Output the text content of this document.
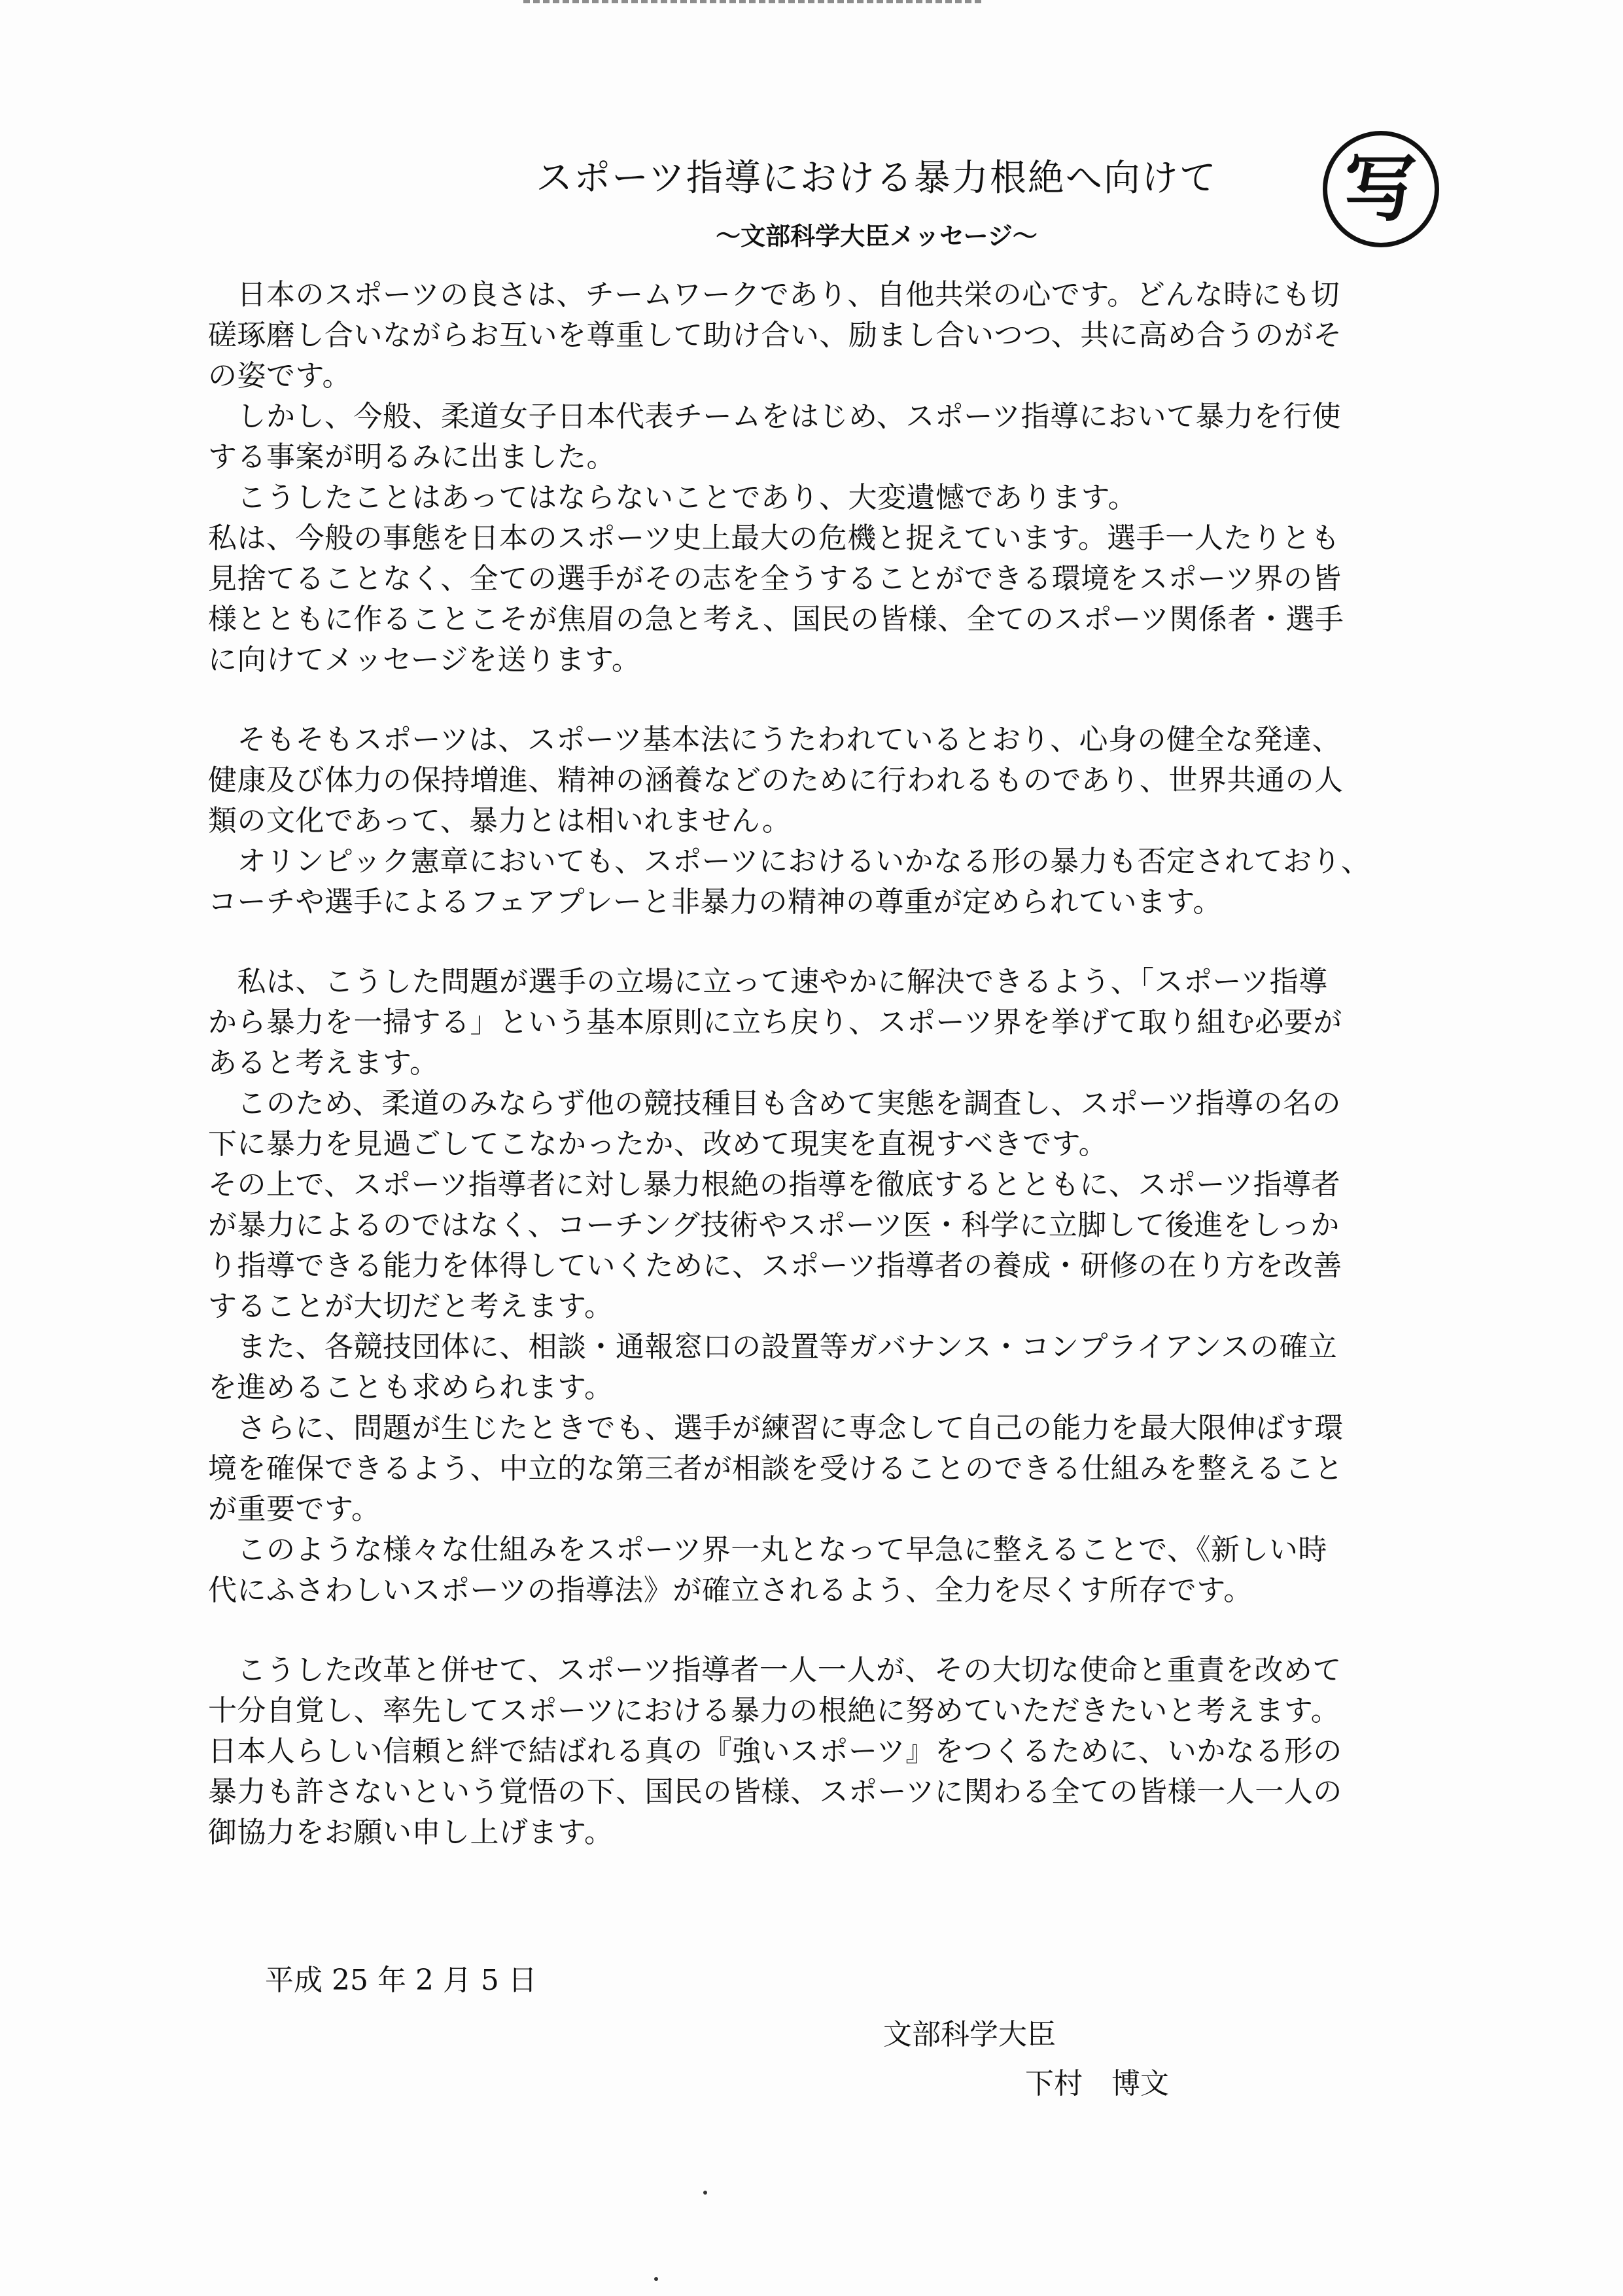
スポーツ指導における暴力根絶へ向けて
〜文部科学大臣メッセージ〜
写
　日本のスポーツの良さは、チームワークであり、自他共栄の心です。どんな時にも切
磋琢磨し合いながらお互いを尊重して助け合い、励まし合いつつ、共に高め合うのがそ
の姿です。
　しかし、今般、柔道女子日本代表チームをはじめ、スポーツ指導において暴力を行使
する事案が明るみに出ました。
　こうしたことはあってはならないことであり、大変遺憾であります。
私は、今般の事態を日本のスポーツ史上最大の危機と捉えています。選手一人たりとも
見捨てることなく、全ての選手がその志を全うすることができる環境をスポーツ界の皆
様とともに作ることこそが焦眉の急と考え、国民の皆様、全てのスポーツ関係者・選手
に向けてメッセージを送ります。
　そもそもスポーツは、スポーツ基本法にうたわれているとおり、心身の健全な発達、
健康及び体力の保持増進、精神の涵養などのために行われるものであり、世界共通の人
類の文化であって、暴力とは相いれません。
　オリンピック憲章においても、スポーツにおけるいかなる形の暴力も否定されており、
コーチや選手によるフェアプレーと非暴力の精神の尊重が定められています。
　私は、こうした問題が選手の立場に立って速やかに解決できるよう、「スポーツ指導
から暴力を一掃する」という基本原則に立ち戻り、スポーツ界を挙げて取り組む必要が
あると考えます。
　このため、柔道のみならず他の競技種目も含めて実態を調査し、スポーツ指導の名の
下に暴力を見過ごしてこなかったか、改めて現実を直視すべきです。
その上で、スポーツ指導者に対し暴力根絶の指導を徹底するとともに、スポーツ指導者
が暴力によるのではなく、コーチング技術やスポーツ医・科学に立脚して後進をしっか
り指導できる能力を体得していくために、スポーツ指導者の養成・研修の在り方を改善
することが大切だと考えます。
　また、各競技団体に、相談・通報窓口の設置等ガバナンス・コンプライアンスの確立
を進めることも求められます。
　さらに、問題が生じたときでも、選手が練習に専念して自己の能力を最大限伸ばす環
境を確保できるよう、中立的な第三者が相談を受けることのできる仕組みを整えること
が重要です。
　このような様々な仕組みをスポーツ界一丸となって早急に整えることで、《新しい時
代にふさわしいスポーツの指導法》が確立されるよう、全力を尽くす所存です。
　こうした改革と併せて、スポーツ指導者一人一人が、その大切な使命と重責を改めて
十分自覚し、率先してスポーツにおける暴力の根絶に努めていただきたいと考えます。
日本人らしい信頼と絆で結ばれる真の『強いスポーツ』をつくるために、いかなる形の
暴力も許さないという覚悟の下、国民の皆様、スポーツに関わる全ての皆様一人一人の
御協力をお願い申し上げます。
平成 25 年 2 月 5 日
文部科学大臣
下村　博文
